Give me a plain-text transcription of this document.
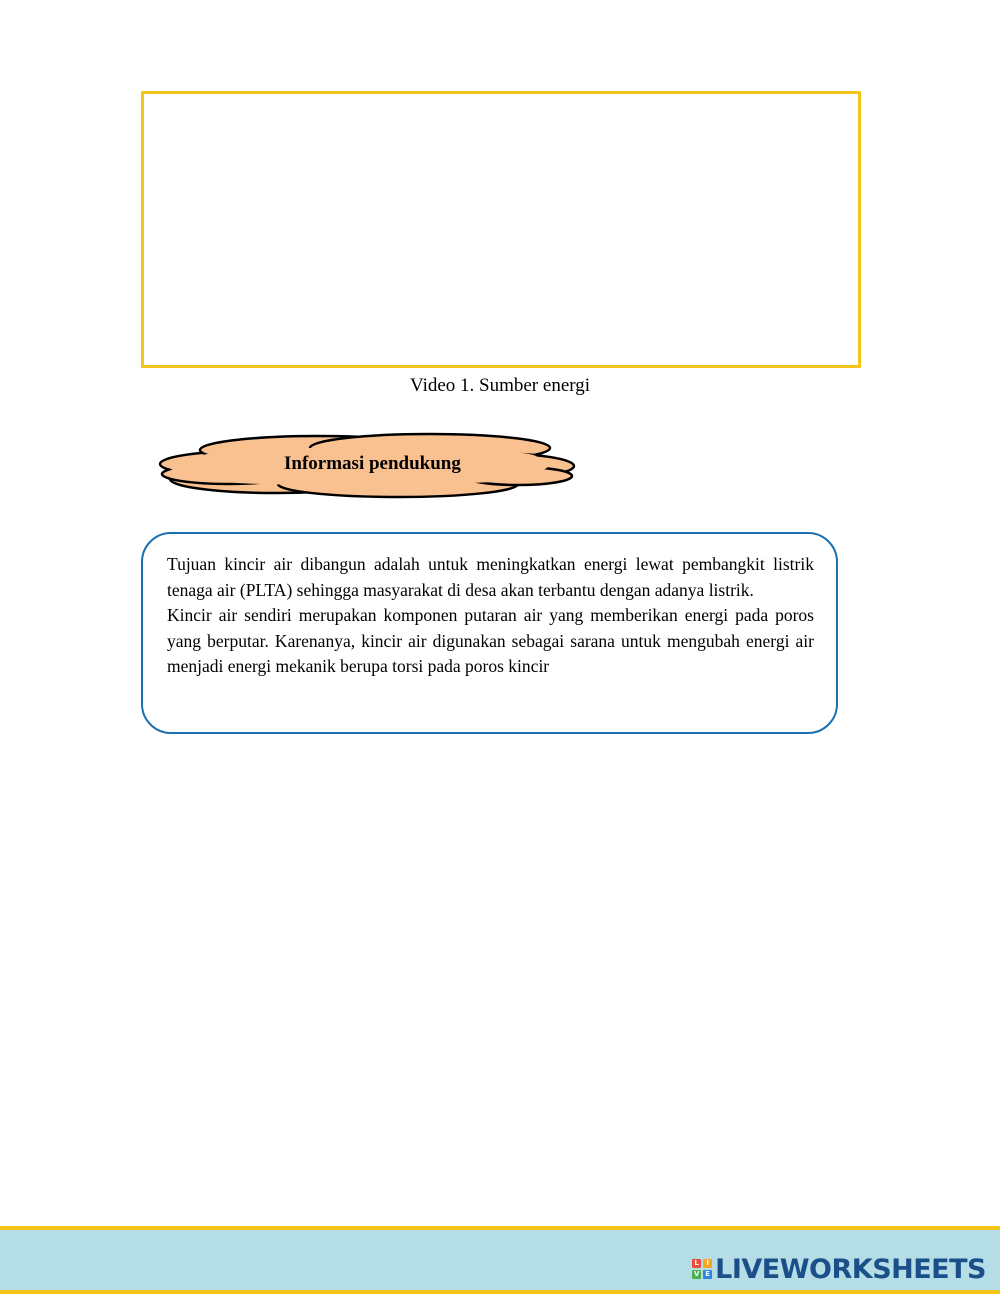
Video 1. Sumber energi
Informasi pendukung

Tujuan kincir air dibangun adalah untuk meningkatkan energi lewat pembangkit listrik tenaga air (PLTA) sehingga masyarakat di desa akan terbantu dengan adanya listrik.

Kincir air sendiri merupakan komponen putaran air yang memberikan energi pada poros yang berputar. Karenanya, kincir air digunakan sebagai sarana untuk mengubah energi air menjadi energi mekanik berupa torsi pada poros kincir

L	I
V E LIVEWORKSHEETS
